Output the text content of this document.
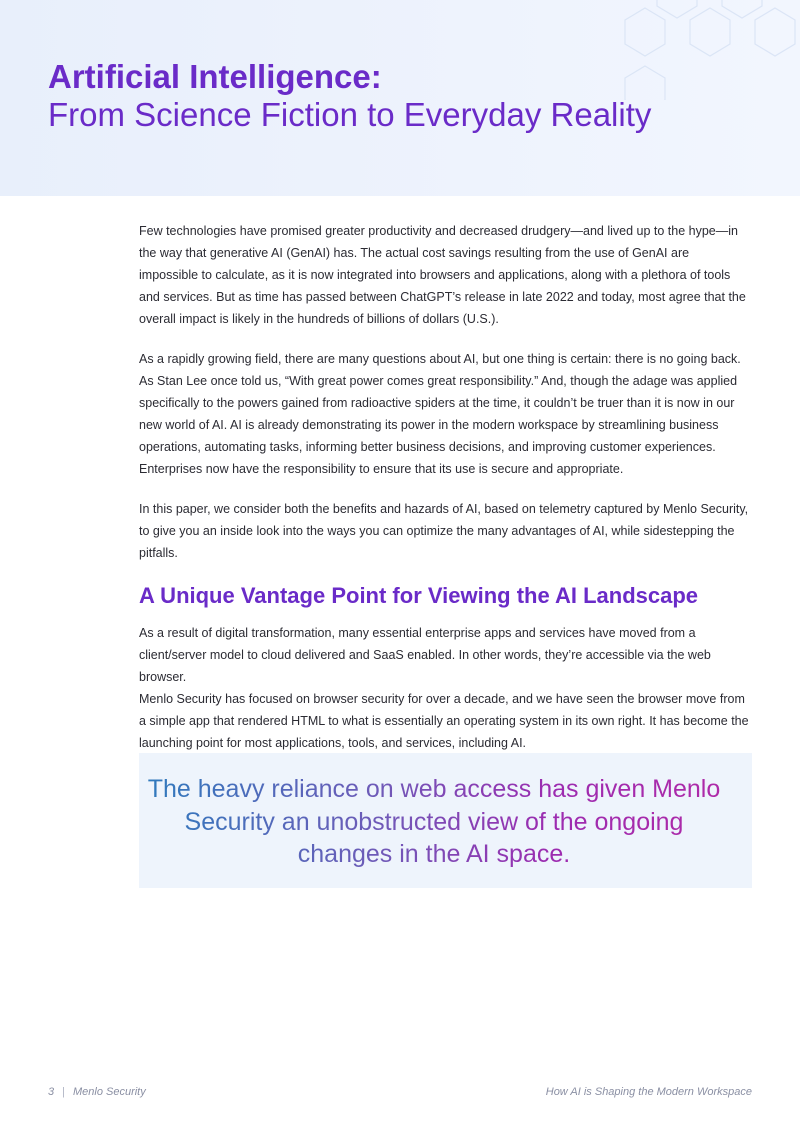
Artificial Intelligence:
From Science Fiction to Everyday Reality

Few technologies have promised greater productivity and decreased drudgery—and lived up to the hype—in the way that generative AI (GenAI) has. The actual cost savings resulting from the use of GenAI are impossible to calculate, as it is now integrated into browsers and applications, along with a plethora of tools and services. But as time has passed between ChatGPT’s release in late 2022 and today, most agree that the overall impact is likely in the hundreds of billions of dollars (U.S.).

As a rapidly growing field, there are many questions about AI, but one thing is certain: there is no going back. As Stan Lee once told us, “With great power comes great responsibility.” And, though the adage was applied specifically to the powers gained from radioactive spiders at the time, it couldn’t be truer than it is now in our new world of AI. AI is already demonstrating its power in the modern workspace by streamlining business operations, automating tasks, informing better business decisions, and improving customer experiences. Enterprises now have the responsibility to ensure that its use is secure and appropriate.

In this paper, we consider both the benefits and hazards of AI, based on telemetry captured by Menlo Security, to give you an inside look into the ways you can optimize the many advantages of AI, while sidestepping the pitfalls.

A Unique Vantage Point for Viewing the AI Landscape

As a result of digital transformation, many essential enterprise apps and services have moved from a client/server model to cloud delivered and SaaS enabled. In other words, they’re accessible via the web browser.

Menlo Security has focused on browser security for over a decade, and we have seen the browser move from a simple app that rendered HTML to what is essentially an operating system in its own right. It has become the launching point for most applications, tools, and services, including AI.

The heavy reliance on web access has given Menlo Security an unobstructed view of the ongoing changes in the AI space.
3 | Menlo Security	How AI is Shaping the Modern Workspace
